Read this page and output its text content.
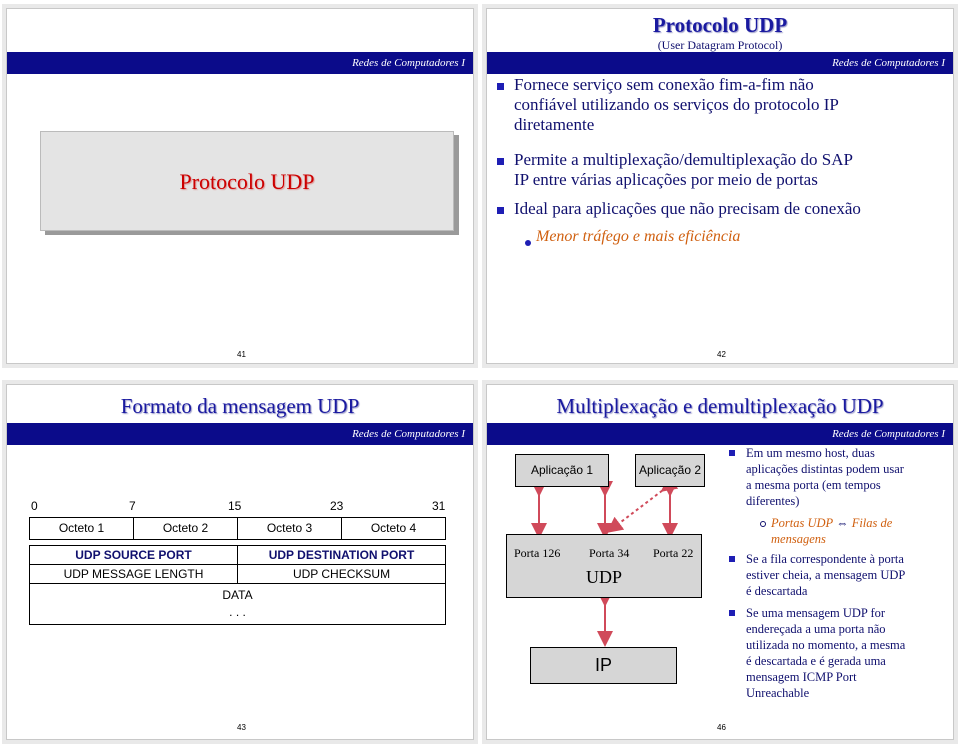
Redes de Computadores I
Protocolo UDP
41
Protocolo UDP
(User Datagram Protocol)
Redes de Computadores I
Fornece serviço sem conexão fim-a-fim não
confiável utilizando os serviços do protocolo IP
diretamente
Permite a multiplexação/demultiplexação do SAP
IP entre várias aplicações por meio de portas
Ideal para aplicações que não precisam de conexão
Menor tráfego e mais eficiência
42
Formato da mensagem UDP
Redes de Computadores I
0	7	15	23	31
Octeto 1	Octeto 2	Octeto 3	Octeto 4
UDP SOURCE PORT	UDP DESTINATION PORT
UDP MESSAGE LENGTH	UDP CHECKSUM
DATA
. . .
43
Multiplexação e demultiplexação UDP
Redes de Computadores I
Aplicação 1	Aplicação 2
Porta 126 Porta 34 Porta 22
UDP
IP
Em um mesmo host, duas
aplicações distintas podem usar
a mesma porta (em tempos
diferentes)
Portas UDP ⇔ Filas de
mensagens
Se a fila correspondente à porta
estiver cheia, a mensagem UDP
é descartada
Se uma mensagem UDP for
endereçada a uma porta não
utilizada no momento, a mesma
é descartada e é gerada uma
mensagem ICMP Port
Unreachable
46
